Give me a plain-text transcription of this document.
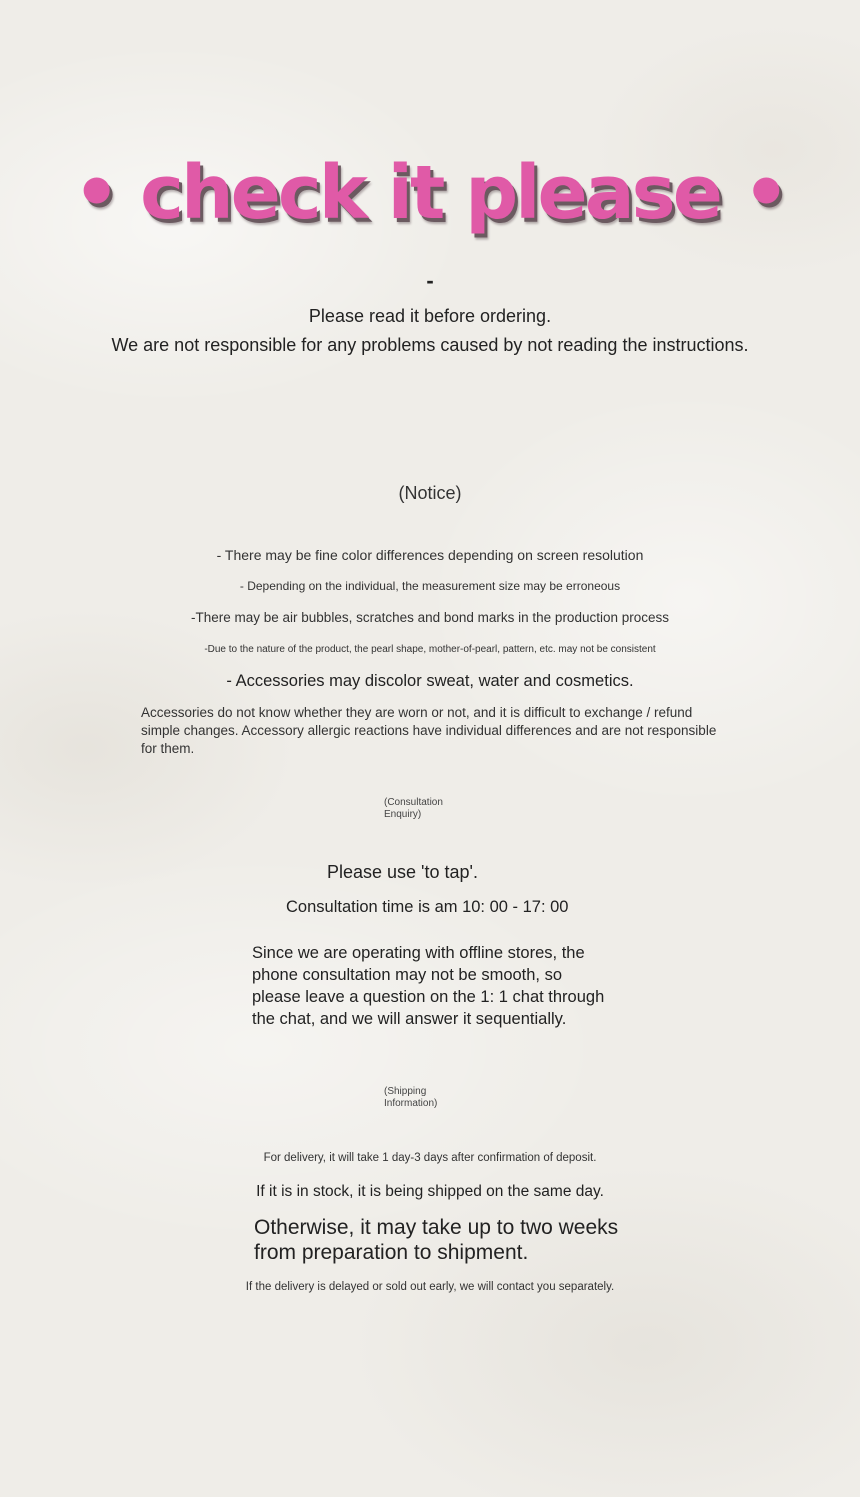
• check it please •
-
Please read it before ordering.
We are not responsible for any problems caused by not reading the instructions.
(Notice)
- There may be fine color differences depending on screen resolution
- Depending on the individual, the measurement size may be erroneous
-There may be air bubbles, scratches and bond marks in the production process
-Due to the nature of the product, the pearl shape, mother-of-pearl, pattern, etc. may not be consistent
- Accessories may discolor sweat, water and cosmetics.
Accessories do not know whether they are worn or not, and it is difficult to exchange / refund simple changes. Accessory allergic reactions have individual differences and are not responsible for them.
(Consultation Enquiry)
Please use 'to tap'.
Consultation time is am 10: 00 - 17: 00
Since we are operating with offline stores, the phone consultation may not be smooth, so please leave a question on the 1: 1 chat through the chat, and we will answer it sequentially.
(Shipping Information)
For delivery, it will take 1 day-3 days after confirmation of deposit.
If it is in stock, it is being shipped on the same day.
Otherwise, it may take up to two weeks from preparation to shipment.
If the delivery is delayed or sold out early, we will contact you separately.
